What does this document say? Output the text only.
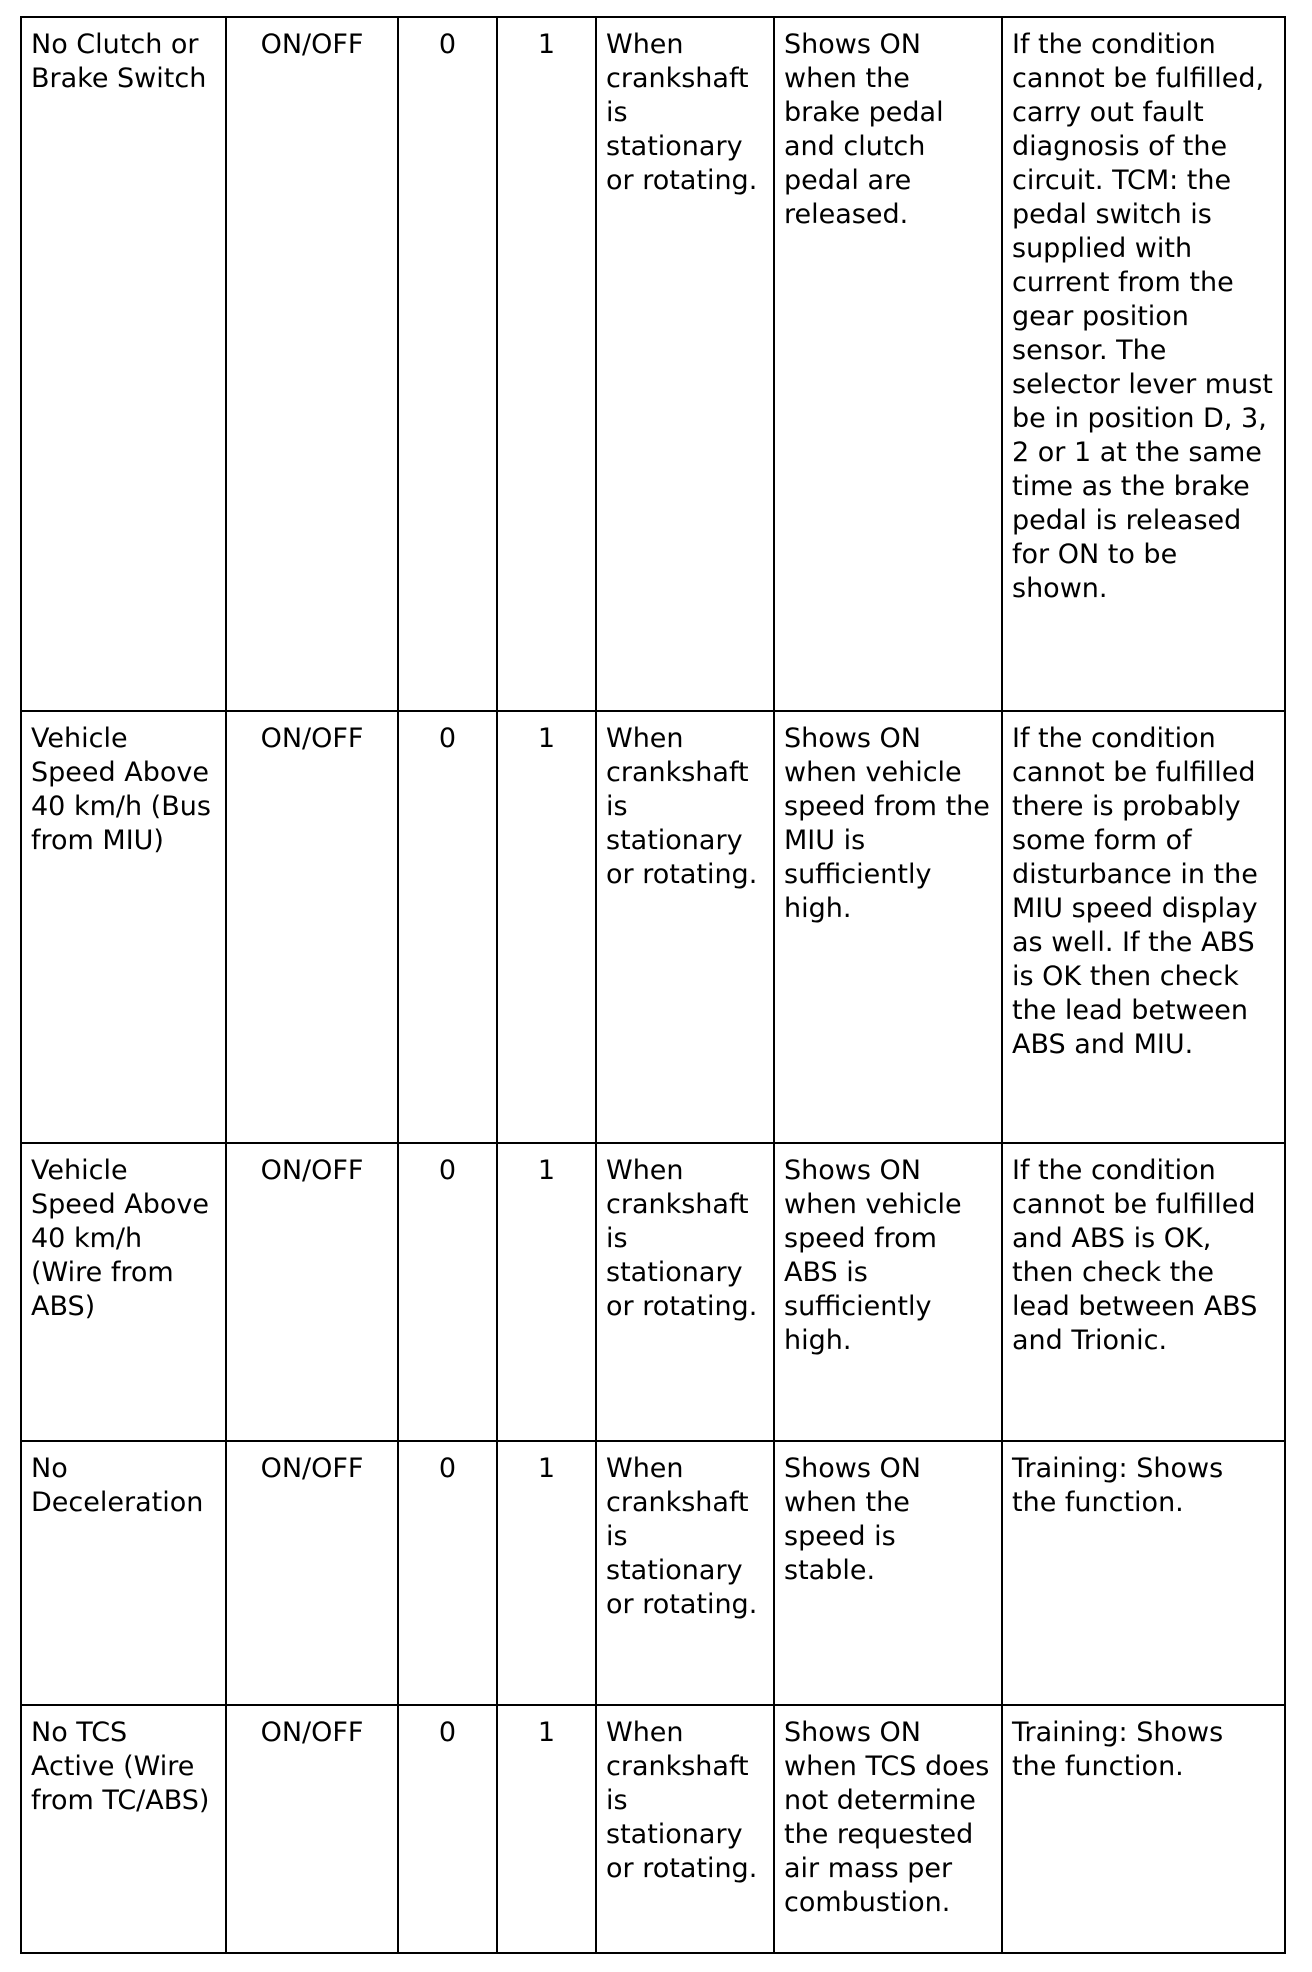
No Clutch or Brake Switch	ON/OFF	0	1	When crankshaft is stationary or rotating.	Shows ON when the brake pedal and clutch pedal are released.	If the condition cannot be fulfilled, carry out fault diagnosis of the circuit. TCM: the pedal switch is supplied with current from the gear position sensor. The selector lever must be in position D, 3, 2 or 1 at the same time as the brake pedal is released for ON to be shown.
Vehicle Speed Above 40 km/h (Bus from MIU)	ON/OFF	0	1	When crankshaft is stationary or rotating.	Shows ON when vehicle speed from the MIU is sufficiently high.	If the condition cannot be fulfilled there is probably some form of disturbance in the MIU speed display as well. If the ABS is OK then check the lead between ABS and MIU.
Vehicle Speed Above 40 km/h (Wire from ABS)	ON/OFF	0	1	When crankshaft is stationary or rotating.	Shows ON when vehicle speed from ABS is sufficiently high.	If the condition cannot be fulfilled and ABS is OK, then check the lead between ABS and Trionic.
No Deceleration	ON/OFF	0	1	When crankshaft is stationary or rotating.	Shows ON when the speed is stable.	Training: Shows the function.
No TCS Active (Wire from TC/ABS)	ON/OFF	0	1	When crankshaft is stationary or rotating.	Shows ON when TCS does not determine the requested air mass per combustion.	Training: Shows the function.
